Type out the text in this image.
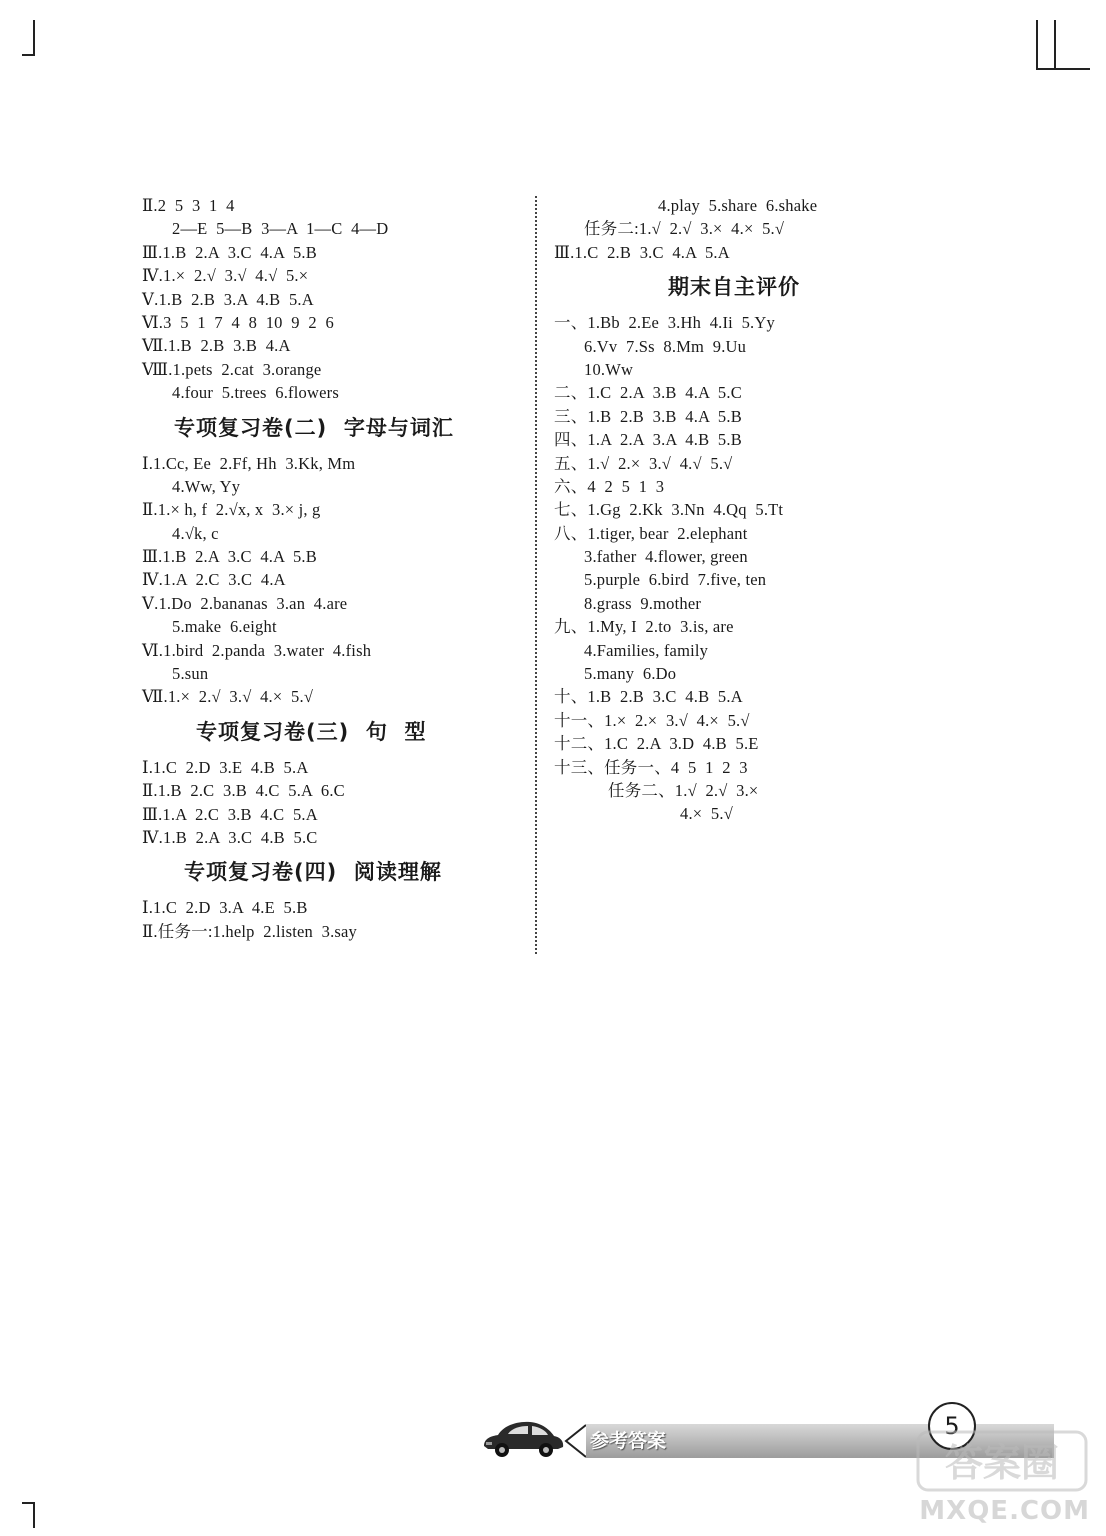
Ⅱ.2  5  3  1  4
2—E  5—B  3—A  1—C  4—D
Ⅲ.1.B  2.A  3.C  4.A  5.B
Ⅳ.1.×  2.√  3.√  4.√  5.×
Ⅴ.1.B  2.B  3.A  4.B  5.A
Ⅵ.3  5  1  7  4  8  10  9  2  6
Ⅶ.1.B  2.B  3.B  4.A
Ⅷ.1.pets  2.cat  3.orange
4.four  5.trees  6.flowers
专项复习卷(二)  字母与词汇
Ⅰ.1.Cc, Ee  2.Ff, Hh  3.Kk, Mm
4.Ww, Yy
Ⅱ.1.× h, f  2.√x, x  3.× j, g
4.√k, c
Ⅲ.1.B  2.A  3.C  4.A  5.B
Ⅳ.1.A  2.C  3.C  4.A
Ⅴ.1.Do  2.bananas  3.an  4.are
5.make  6.eight
Ⅵ.1.bird  2.panda  3.water  4.fish
5.sun
Ⅶ.1.×  2.√  3.√  4.×  5.√
专项复习卷(三)  句  型
Ⅰ.1.C  2.D  3.E  4.B  5.A
Ⅱ.1.B  2.C  3.B  4.C  5.A  6.C
Ⅲ.1.A  2.C  3.B  4.C  5.A
Ⅳ.1.B  2.A  3.C  4.B  5.C
专项复习卷(四)  阅读理解
Ⅰ.1.C  2.D  3.A  4.E  5.B
Ⅱ.任务一:1.help  2.listen  3.say
4.play  5.share  6.shake
任务二:1.√  2.√  3.×  4.×  5.√
Ⅲ.1.C  2.B  3.C  4.A  5.A
期末自主评价
一、1.Bb  2.Ee  3.Hh  4.Ii  5.Yy
6.Vv  7.Ss  8.Mm  9.Uu
10.Ww
二、1.C  2.A  3.B  4.A  5.C
三、1.B  2.B  3.B  4.A  5.B
四、1.A  2.A  3.A  4.B  5.B
五、1.√  2.×  3.√  4.√  5.√
六、4  2  5  1  3
七、1.Gg  2.Kk  3.Nn  4.Qq  5.Tt
八、1.tiger, bear  2.elephant
3.father  4.flower, green
5.purple  6.bird  7.five, ten
8.grass  9.mother
九、1.My, I  2.to  3.is, are
4.Families, family
5.many  6.Do
十、1.B  2.B  3.C  4.B  5.A
十一、1.×  2.×  3.√  4.×  5.√
十二、1.C  2.A  3.D  4.B  5.E
十三、任务一、4  5  1  2  3
任务二、1.√  2.√  3.×
4.×  5.√
参考答案
5
答案圈
MXQE.COM
